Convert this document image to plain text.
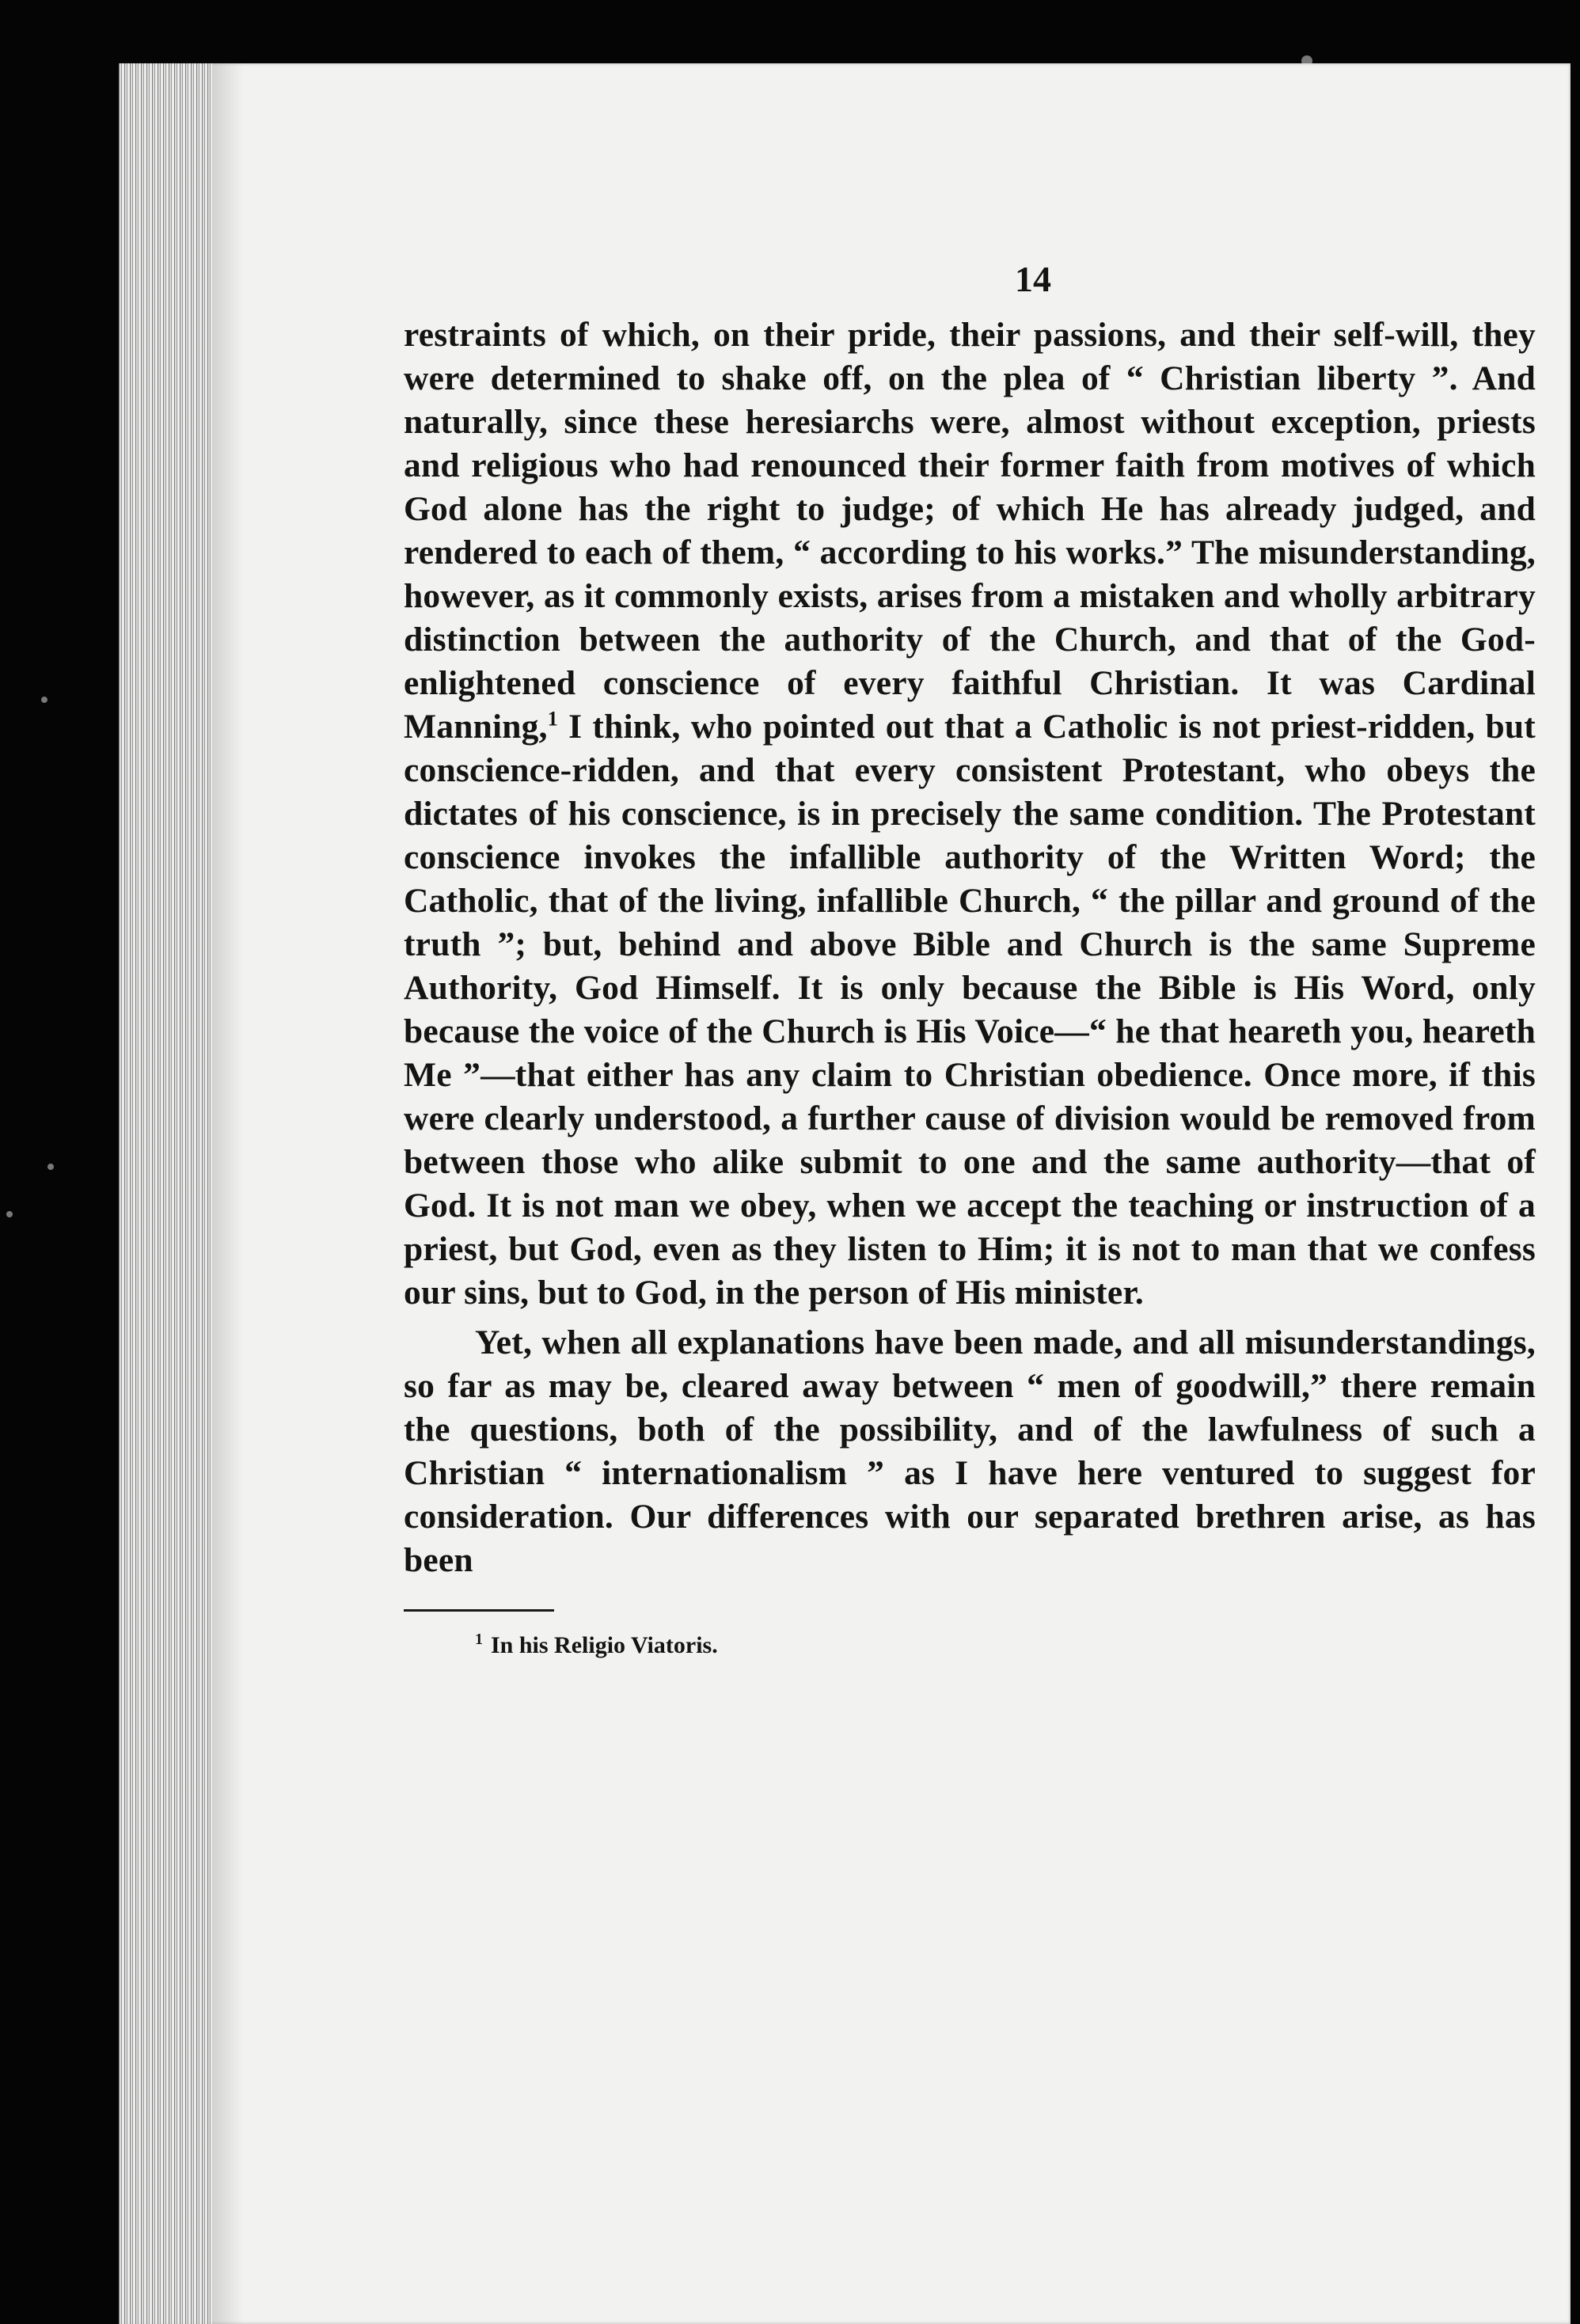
14

restraints of which, on their pride, their passions, and their self-will, they were determined to shake off, on the plea of “ Christian liberty ”. And naturally, since these heresiarchs were, almost without exception, priests and religious who had renounced their former faith from motives of which God alone has the right to judge; of which He has already judged, and rendered to each of them, “ according to his works.” The misunderstanding, however, as it commonly exists, arises from a mistaken and wholly arbitrary distinction between the authority of the Church, and that of the God-enlightened conscience of every faithful Christian. It was Cardinal Manning,$^1$ I think, who pointed out that a Catholic is not priest-ridden, but conscience-ridden, and that every consistent Protestant, who obeys the dictates of his conscience, is in precisely the same condition. The Protestant conscience invokes the infallible authority of the Written Word; the Catholic, that of the living, infallible Church, “ the pillar and ground of the truth ”; but, behind and above Bible and Church is the same Supreme Authority, God Himself. It is only because the Bible is His Word, only because the voice of the Church is His Voice—“ he that heareth you, heareth Me ”—that either has any claim to Christian obedience. Once more, if this were clearly understood, a further cause of division would be removed from between those who alike submit to one and the same authority—that of God. It is not man we obey, when we accept the teaching or instruction of a priest, but God, even as they listen to Him; it is not to man that we confess our sins, but to God, in the person of His minister.

Yet, when all explanations have been made, and all misunderstandings, so far as may be, cleared away between “ men of goodwill,” there remain the questions, both of the possibility, and of the lawfulness of such a Christian “ internationalism ” as I have here ventured to suggest for consideration. Our differences with our separated brethren arise, as has been

$^1$ In his Religio Viatoris.
